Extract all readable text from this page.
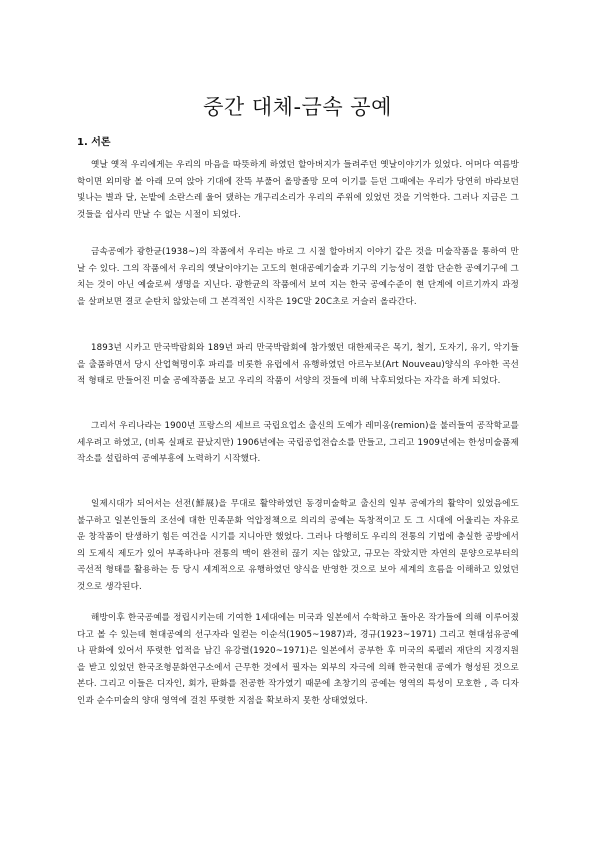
중간 대체-금속 공예
1. 서론

옛날 옛적 우리에게는 우리의 마음을 따뜻하게 하였던 할아버지가 들려주던 옛날이야기가 있었다. 어머다 여름방학이면 외미랑 볼 아래 모여 앉아 기대에 잔뜩 부풀어 올망졸망 모여 이기를 듣던 그때에는 우리가 당연히 바라보던 빛나는 별과 달, 논밭에 소란스레 울어 댔하는 개구리소리가 우리의 주위에 있었던 것을 기억한다. 그러나 지금은 그것들을 쉽사리 만날 수 없는 시절이 되었다.

금속공예가 광한균(1938~)의 작품에서 우리는 바로 그 시절 할아버지 이야기 같은 것을 미술작품을 통하여 만날 수 있다. 그의 작품에서 우리의 옛날이야기는 고도의 현대공예기술과 기구의 기능성이 결합 단순한 공예기구에 그치는 것이 아닌 예술로써 생명을 지닌다. 광한균의 작품에서 보여 지는 한국 공예수준이 현 단계에 이르기까지 과정을 살펴보면 결코 순탄치 않았는데 그 본격적인 시작은 19C말 20C초로 거슬러 올라간다.

1893년 시카고 만국박람회와 189년 파리 만국박람회에 참가했던 대한제국은 목기, 철기, 도자기, 유기, 악기들을 출품하면서 당시 산업혁명이후 파리를 비롯한 유럽에서 유행하였던 아르누보(Art Nouveau)양식의 우아한 곡선적 형태로 만들어진 미술 공예작품을 보고 우리의 작품이 서양의 것들에 비해 낙후되었다는 자각을 하게 되었다.

그리서 우리나라는 1900년 프랑스의 세브르 국립요업소 출신의 도예가 레미옹(remion)을 불러들여 공작학교를 세우려고 하였고, (비록 실패로 끝났지만) 1906년에는 국립공업전습소를 만들고, 그리고 1909년에는 한성미술품제작소를 설립하여 공예부흥에 노력하기 시작했다.

일제시대가 되어서는 선전(鮮展)을 무대로 활약하였던 동경미술학교 출신의 일부 공예가의 활약이 있었음에도 불구하고 일본인들의 조선에 대한 민족문화 억압정책으로 의리의 공예는 독창적이고 도 그 시대에 어울리는 자유로운 창작품이 탄생하기 힘든 여건을 시기를 지니아만 했었다. 그러나 다행히도 우리의 전통의 기법에 충실한 공방에서의 도제식 제도가 있어 부족하나마 전통의 맥이 완전히 끊기 지는 않았고, 규모는 작았지만 자연의 문양으로부터의 곡선적 형태를 활용하는 등 당시 세계적으로 유행하였던 양식을 반영한 것으로 보아 세계의 흐름을 이해하고 있었던 것으로 생각된다.

해방이후 한국공예를 정립시키는데 기여한 1세대에는 미국과 일본에서 수학하고 돌아온 작가들에 의해 이루어졌다고 볼 수 있는데 현대공예의 선구자라 일컫는 이순석(1905~1987)과, 경규(1923~1971) 그리고 현대섬유공예나 판화에 있어서 뚜렷한 업적을 남긴 유강렬(1920~1971)은 일본에서 공부한 후 미국의 록펠러 재단의 지경지원을 받고 있었던 한국조형문화연구소에서 근무한 것에서 필자는 외부의 자극에 의해 한국현대 공예가 형성된 것으로 본다. 그리고 이들은 디자인, 회가, 판화를 전공한 작가였기 때문에 초창기의 공예는 영역의 특성이 모호한 , 즉 디자인과 순수미술의 양대 영역에 걸친 뚜렷한 지점을 확보하지 못한 상태였었다.
